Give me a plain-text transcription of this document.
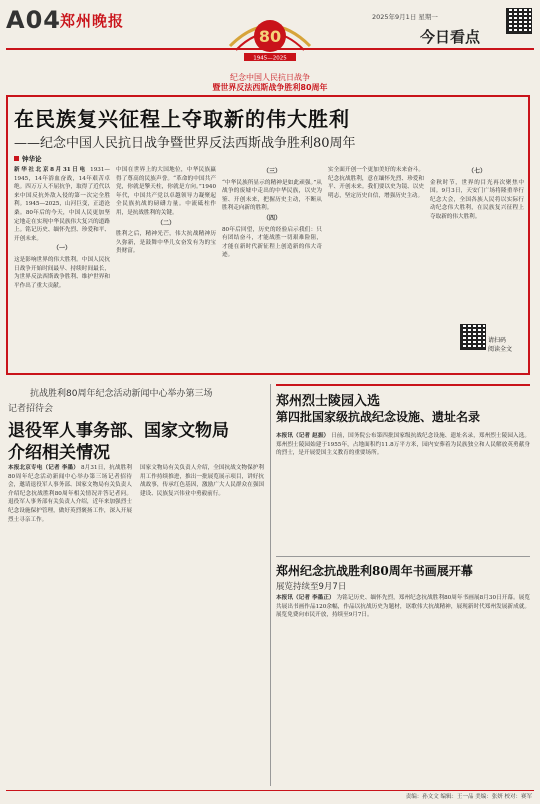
A04 郑州晚报	2025年9月1日 星期一
今日看点
80
1945—2025
纪念中国人民抗日战争
暨世界反法西斯战争胜利80周年
在民族复兴征程上夺取新的伟大胜利
——纪念中国人民抗日战争暨世界反法西斯战争胜利80周年
钟华论
新华社北京8月31日电 1931—1945，14年浴血奋战，14年艰苦卓绝。四万万人不屈抗争，取得了近代以来中国反抗外敌入侵的第一次完全胜利。1945—2025，山河巨变，正道沧桑。80年后的今天，中国人民更加坚定地走在实现中华民族伟大复兴的道路上。铭记历史、缅怀先烈、珍爱和平、开创未来。
（一）
这是影响世界的伟大胜利。中国人民抗日战争开始时间最早、持续时间最长，为世界反法西斯战争胜利、维护世界和平作出了重大贡献。
中国在世界上的大国地位，中华民族赢得了尊高的民族声誉。“革命的中国共产党，你就是擎天柱，你就是方向。”1940年代，中国共产党以卓越领导力凝聚起全民族抗战的磅礴力量。中流砥柱作用，是抗战胜利的关键。
（二）
胜利之后，精神光芒，伟大抗战精神历久弥新，是鼓舞中华儿女奋发有为的宝贵财富。
（三）
“中华民族所显示的精神是如此顽强。”从战争的废墟中走出的中华民族，以史为鉴、开创未来，把握历史主动，不断从胜利走向新的胜利。
（四）
80年后回望，历史的经验启示我们：只有团结奋斗，才能战胜一切艰难险阻，才能在新时代新征程上创造新的伟大奇迹。
实全面开创一个更加美好的未来奋斗。纪念抗战胜利，意在缅怀先烈、珍爱和平、开创未来。我们要以史为镜、以史明志，坚定历史自信，增强历史主动。
（七）
金秋时节，世界的目光再次聚焦中国。9月3日，天安门广场将隆重举行纪念大会，全国各族人民将以实际行动纪念伟大胜利，在民族复兴征程上夺取新的伟大胜利。
请扫码
阅读全文
抗战胜利80周年纪念活动新闻中心举办第三场
记者招待会
退役军人事务部、国家文物局
介绍相关情况
本报北京专电（记者 李墨） 8月31日，抗战胜利80周年纪念活动新闻中心举办第三场记者招待会，邀请退役军人事务部、国家文物局有关负责人介绍纪念抗战胜利80周年相关情况并答记者问。退役军人事务部有关负责人介绍，近年来加强烈士纪念设施保护管理，做好英烈褒扬工作，深入开展烈士寻亲工作。
国家文物局有关负责人介绍，全国抗战文物保护利用工作持续推进，推出一批展览展示项目，讲好抗战故事，传承红色基因，激励广大人民群众在强国建设、民族复兴伟业中勇毅前行。
郑州烈士陵园入选
第四批国家级抗战纪念设施、遗址名录
本报讯（记者 赵振） 日前，国务院公布第四批国家级抗战纪念设施、遗址名录，郑州烈士陵园入选。郑州烈士陵园始建于1955年，占地面积约11.8万平方米，园内安葬着为民族独立和人民解放英勇献身的烈士，是开展爱国主义教育的重要场所。
郑州纪念抗战胜利80周年书画展开幕
展览持续至9月7日
本报讯（记者 李墨正） 为铭记历史、缅怀先烈，郑州纪念抗战胜利80周年书画展8月30日开幕。展览共展出书画作品120余幅，作品以抗战历史为题材，讴歌伟大抗战精神，展现新时代郑州发展新成就。展览免费向市民开放，持续至9月7日。
责编：孙文文 编辑：王一品 美编：张妍 校对：赛军
